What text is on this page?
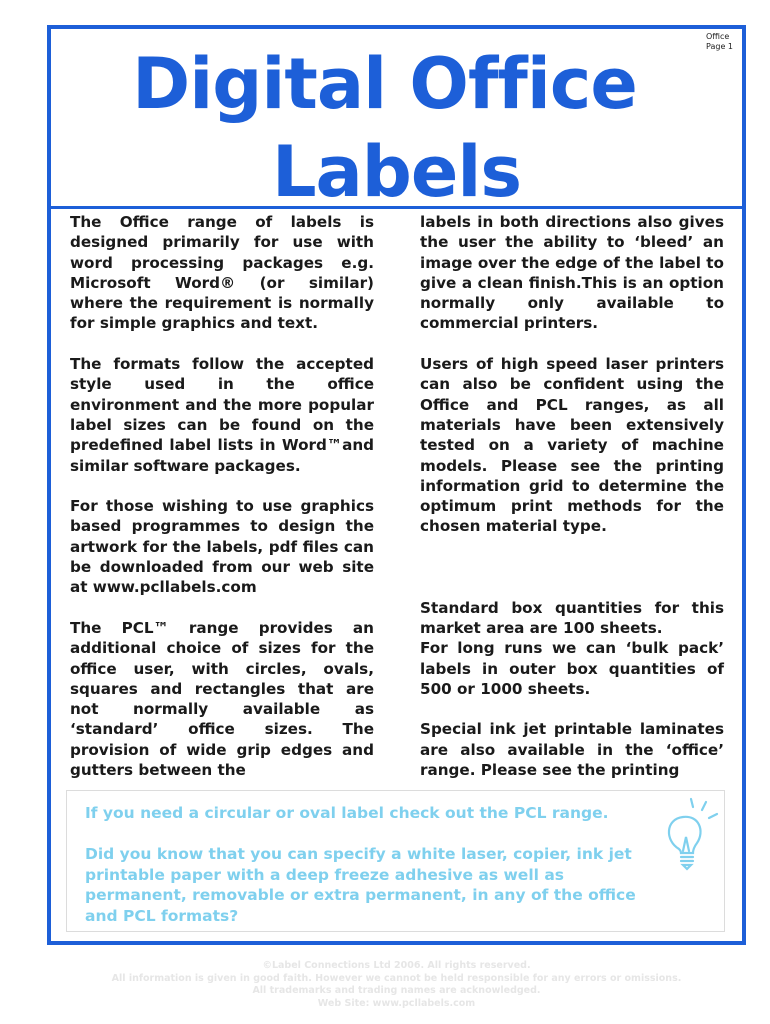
Office
Page 1
Digital Office
Labels

The Office range of labels is designed primarily for use with word processing packages e.g. Microsoft Word® (or similar) where the requirement is normally for simple graphics and text.

The formats follow the accepted style used in the office environment and the more popular label sizes can be found on the predefined label lists in Word™and similar software packages.

For those wishing to use graphics based programmes to design the artwork for the labels, pdf files can be downloaded from our web site at www.pcllabels.com

The PCL™ range provides an additional choice of sizes for the office user, with circles, ovals, squares and rectangles that are not normally available as ‘standard’ office sizes. The provision of wide grip edges and gutters between the

labels in both directions also gives the user the ability to ‘bleed’ an image over the edge of the label to give a clean finish.This is an option normally only available to commercial printers.

Users of high speed laser printers can also be confident using the Office and PCL ranges, as all materials have been extensively tested on a variety of machine models. Please see the printing information grid to determine the optimum print methods for the chosen material type.

Standard box quantities for this market area are 100 sheets.

For long runs we can ‘bulk pack’ labels in outer box quantities of 500 or 1000 sheets.

Special ink jet printable laminates are also available in the ‘office’ range. Please see the printing

If you need a circular or oval label check out the PCL range.

Did you know that you can specify a white laser, copier, ink jet printable paper with a deep freeze adhesive as well as permanent, removable or extra permanent, in any of the office and PCL formats?

©Label Connections Ltd 2006. All rights reserved.
All information is given in good faith. However we cannot be held responsible for any errors or omissions.
All trademarks and trading names are acknowledged.
Web Site: www.pcllabels.com
